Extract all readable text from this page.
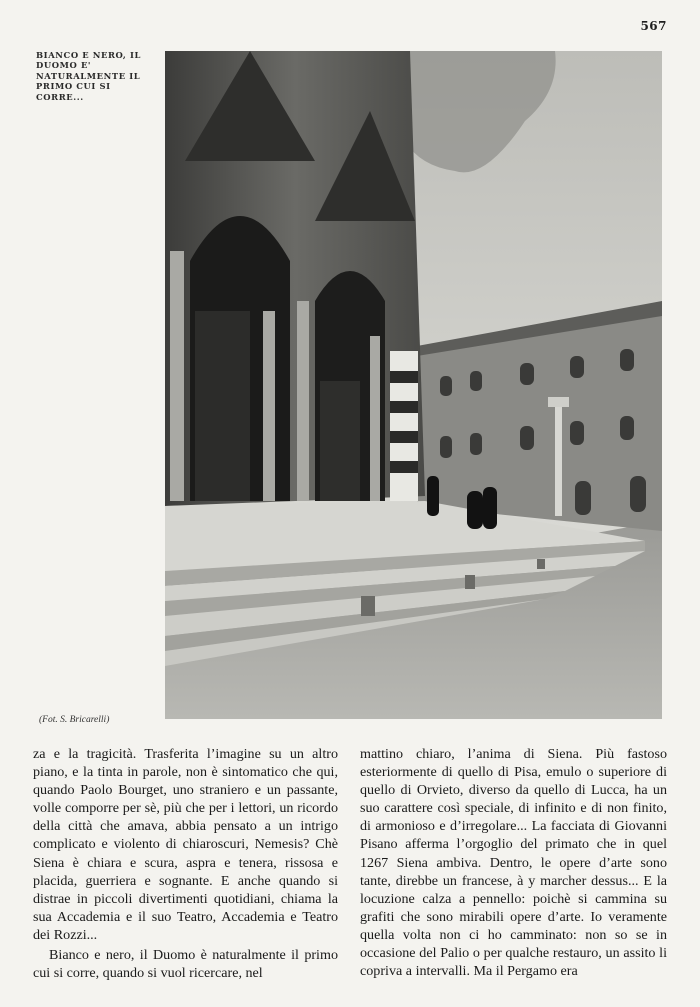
567
BIANCO E NERO, IL DUOMO E' NATURALMENTE IL PRIMO CUI SI CORRE...
(Fot. S. Bricarelli)

za e la tragicità. Trasferita l’imagine su un altro piano, e la tinta in parole, non è sintomatico che qui, quando Paolo Bourget, uno straniero e un passante, volle comporre per sè, più che per i lettori, un ricordo della città che amava, abbia pensato a un intrigo complicato e violento di chiaroscuri, Nemesis? Chè Siena è chiara e scura, aspra e tenera, rissosa e placida, guerriera e sognante. E anche quando si distrae in piccoli divertimenti quotidiani, chiama la sua Accademia e il suo Teatro, Accademia e Teatro dei Rozzi...

Bianco e nero, il Duomo è naturalmente il primo cui si corre, quando si vuol ricercare, nel

mattino chiaro, l’anima di Siena. Più fastoso esteriormente di quello di Pisa, emulo o superiore di quello di Orvieto, diverso da quello di Lucca, ha un suo carattere così speciale, di infinito e di non finito, di armonioso e d’irregolare... La facciata di Giovanni Pisano afferma l’orgoglio del primato che in quel 1267 Siena ambiva. Dentro, le opere d’arte sono tante, direbbe un francese, à y marcher dessus... E la locuzione calza a pennello: poichè si cammina su grafiti che sono mirabili opere d’arte. Io veramente quella volta non ci ho camminato: non so se in occasione del Palio o per qualche restauro, un assito li copriva a intervalli. Ma il Pergamo era
